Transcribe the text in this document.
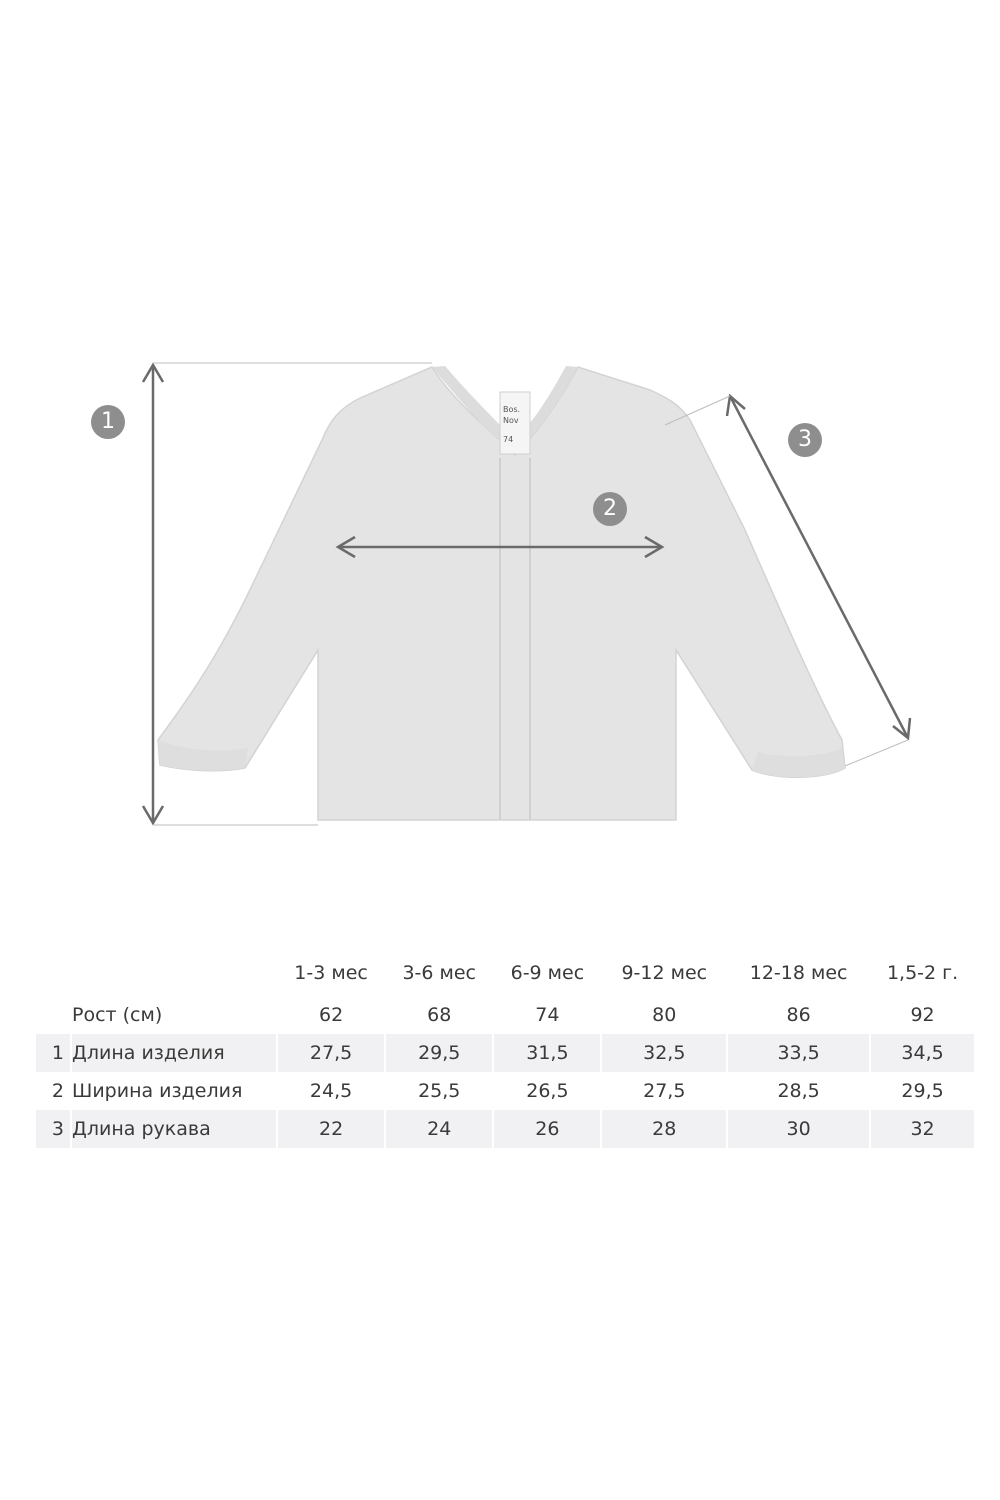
Bos.
Nov
74
1
2
3
		1-3 мес	3-6 мес	6-9 мес	9-12 мес	12-18 мес	1,5-2 г.
	Рост (см)	62	68	74	80	86	92
1	Длина изделия	27,5	29,5	31,5	32,5	33,5	34,5
2	Ширина изделия	24,5	25,5	26,5	27,5	28,5	29,5
3	Длина рукава	22	24	26	28	30	32
